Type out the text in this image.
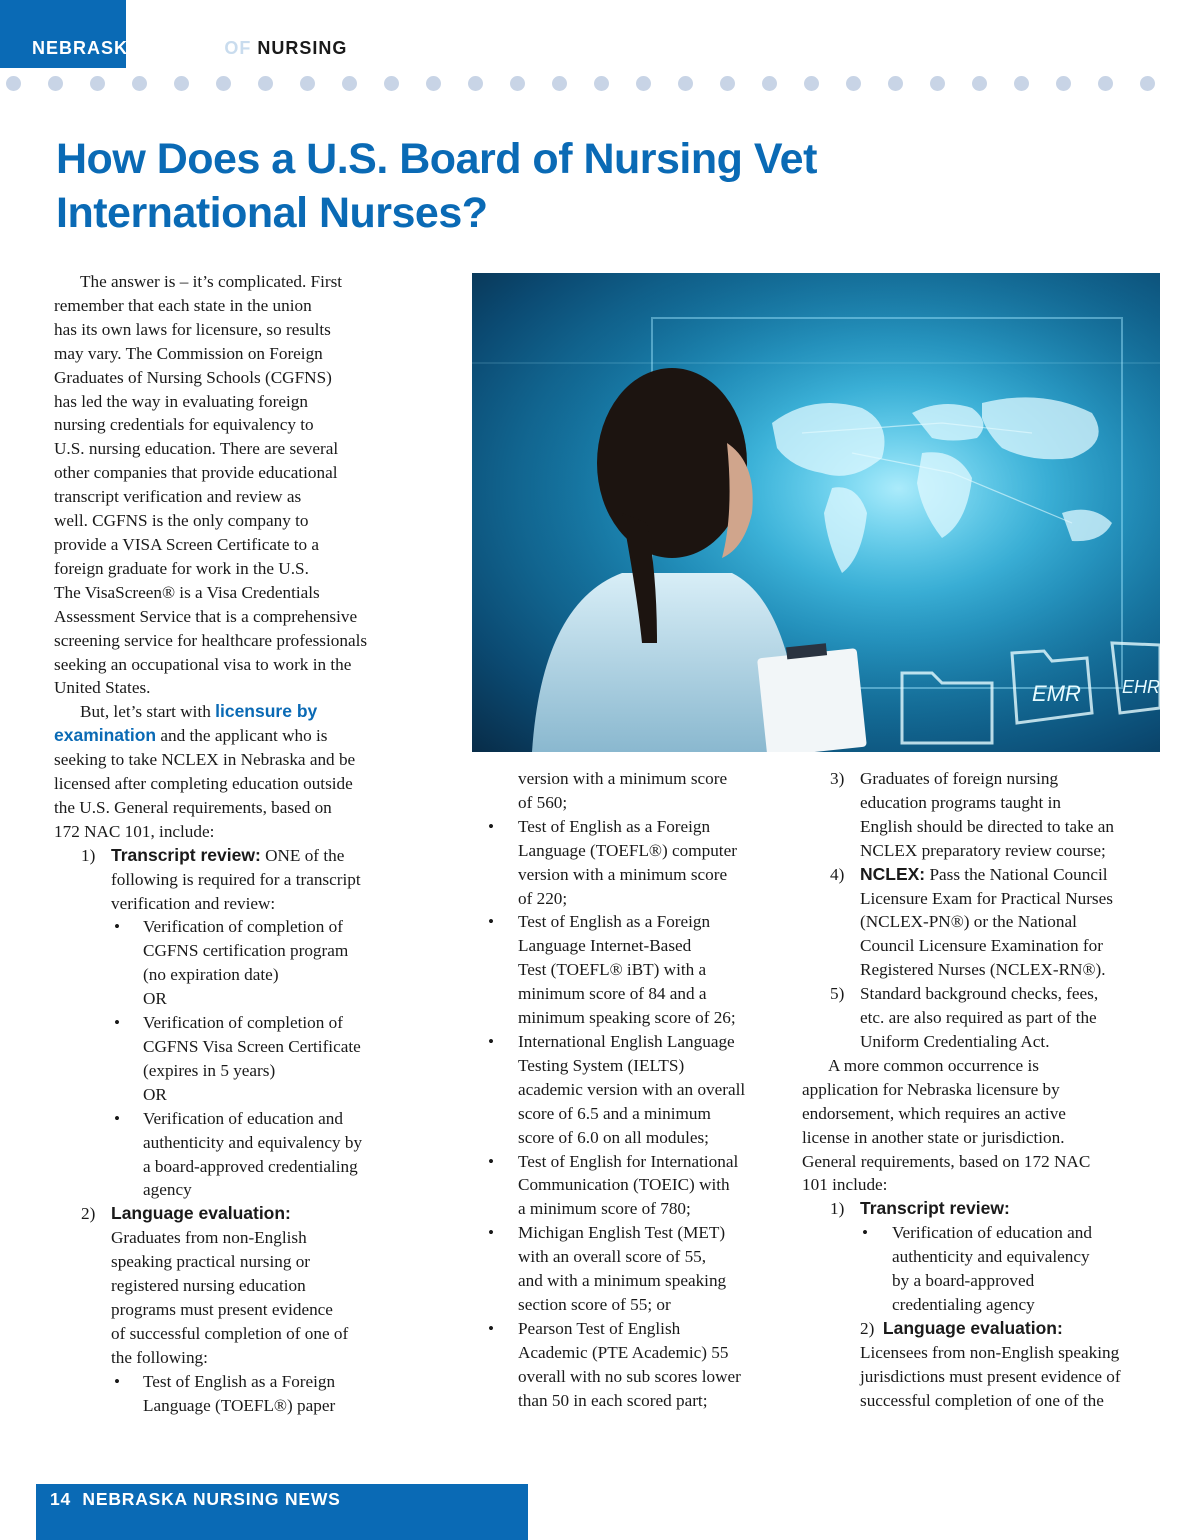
NEBRASKA BOARD OF NURSING
How Does a U.S. Board of Nursing Vet
International Nurses?

The answer is – it’s complicated. First

remember that each state in the union

has its own laws for licensure, so results

may vary. The Commission on Foreign

Graduates of Nursing Schools (CGFNS)

has led the way in evaluating foreign

nursing credentials for equivalency to

U.S. nursing education. There are several

other companies that provide educational

transcript verification and review as

well. CGFNS is the only company to

provide a VISA Screen Certificate to a

foreign graduate for work in the U.S.

The VisaScreen® is a Visa Credentials

Assessment Service that is a comprehensive

screening service for healthcare professionals

seeking an occupational visa to work in the

United States.

But, let’s start with licensure by

examination and the applicant who is

seeking to take NCLEX in Nebraska and be

licensed after completing education outside

the U.S. General requirements, based on

172 NAC 101, include:

1) Transcript review: ONE of the

following is required for a transcript

verification and review:

• Verification of completion of

CGFNS certification program

(no expiration date)

OR

• Verification of completion of

CGFNS Visa Screen Certificate

(expires in 5 years)

OR

• Verification of education and

authenticity and equivalency by

a board-approved credentialing

agency

2) Language evaluation:

Graduates from non-English

speaking practical nursing or

registered nursing education

programs must present evidence

of successful completion of one of

the following:

• Test of English as a Foreign

Language (TOEFL®) paper

EMR EHR

version with a minimum score

of 560;

• Test of English as a Foreign

Language (TOEFL®) computer

version with a minimum score

of 220;

• Test of English as a Foreign

Language Internet-Based

Test (TOEFL® iBT) with a

minimum score of 84 and a

minimum speaking score of 26;

• International English Language

Testing System (IELTS)

academic version with an overall

score of 6.5 and a minimum

score of 6.0 on all modules;

• Test of English for International

Communication (TOEIC) with

a minimum score of 780;

• Michigan English Test (MET)

with an overall score of 55,

and with a minimum speaking

section score of 55; or

• Pearson Test of English

Academic (PTE Academic) 55

overall with no sub scores lower

than 50 in each scored part;

3) Graduates of foreign nursing

education programs taught in

English should be directed to take an

NCLEX preparatory review course;

4) NCLEX: Pass the National Council

Licensure Exam for Practical Nurses

(NCLEX-PN®) or the National

Council Licensure Examination for

Registered Nurses (NCLEX-RN®).

5) Standard background checks, fees,

etc. are also required as part of the

Uniform Credentialing Act.

A more common occurrence is

application for Nebraska licensure by

endorsement, which requires an active

license in another state or jurisdiction.

General requirements, based on 172 NAC

101 include:

1) Transcript review:

• Verification of education and

authenticity and equivalency

by a board-approved

credentialing agency

2) Language evaluation:

Licensees from non-English speaking

jurisdictions must present evidence of

successful completion of one of the

14 NEBRASKA NURSING NEWS
